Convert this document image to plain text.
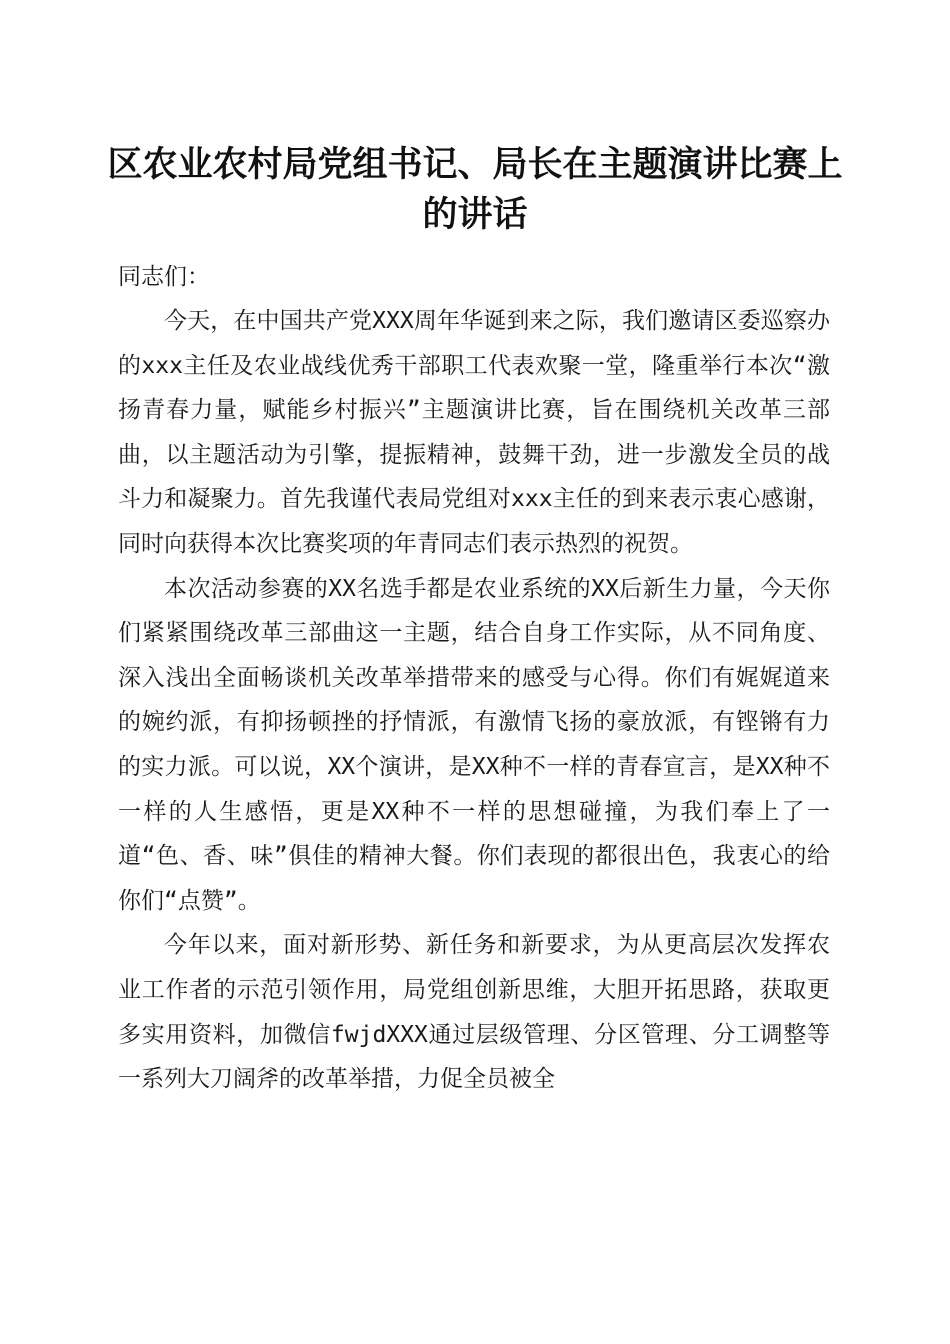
区农业农村局党组书记、局长在主题演讲比赛上的讲话

同志们：

今天，在中国共产党XXX周年华诞到来之际，我们邀请区委巡察办的xxx主任及农业战线优秀干部职工代表欢聚一堂，隆重举行本次“激扬青春力量，赋能乡村振兴”主题演讲比赛，旨在围绕机关改革三部曲，以主题活动为引擎，提振精神，鼓舞干劲，进一步激发全员的战斗力和凝聚力。首先我谨代表局党组对xxx主任的到来表示衷心感谢，同时向获得本次比赛奖项的年青同志们表示热烈的祝贺。

本次活动参赛的XX名选手都是农业系统的XX后新生力量，今天你们紧紧围绕改革三部曲这一主题，结合自身工作实际，从不同角度、深入浅出全面畅谈机关改革举措带来的感受与心得。你们有娓娓道来的婉约派，有抑扬顿挫的抒情派，有激情飞扬的豪放派，有铿锵有力的实力派。可以说，XX个演讲，是XX种不一样的青春宣言，是XX种不一样的人生感悟，更是XX种不一样的思想碰撞，为我们奉上了一道“色、香、味”俱佳的精神大餐。你们表现的都很出色，我衷心的给你们“点赞”。

今年以来，面对新形势、新任务和新要求，为从更高层次发挥农业工作者的示范引领作用，局党组创新思维，大胆开拓思路，获取更多实用资料，加微信fwjdXXX通过层级管理、分区管理、分工调整等一系列大刀阔斧的改革举措，力促全员被全
